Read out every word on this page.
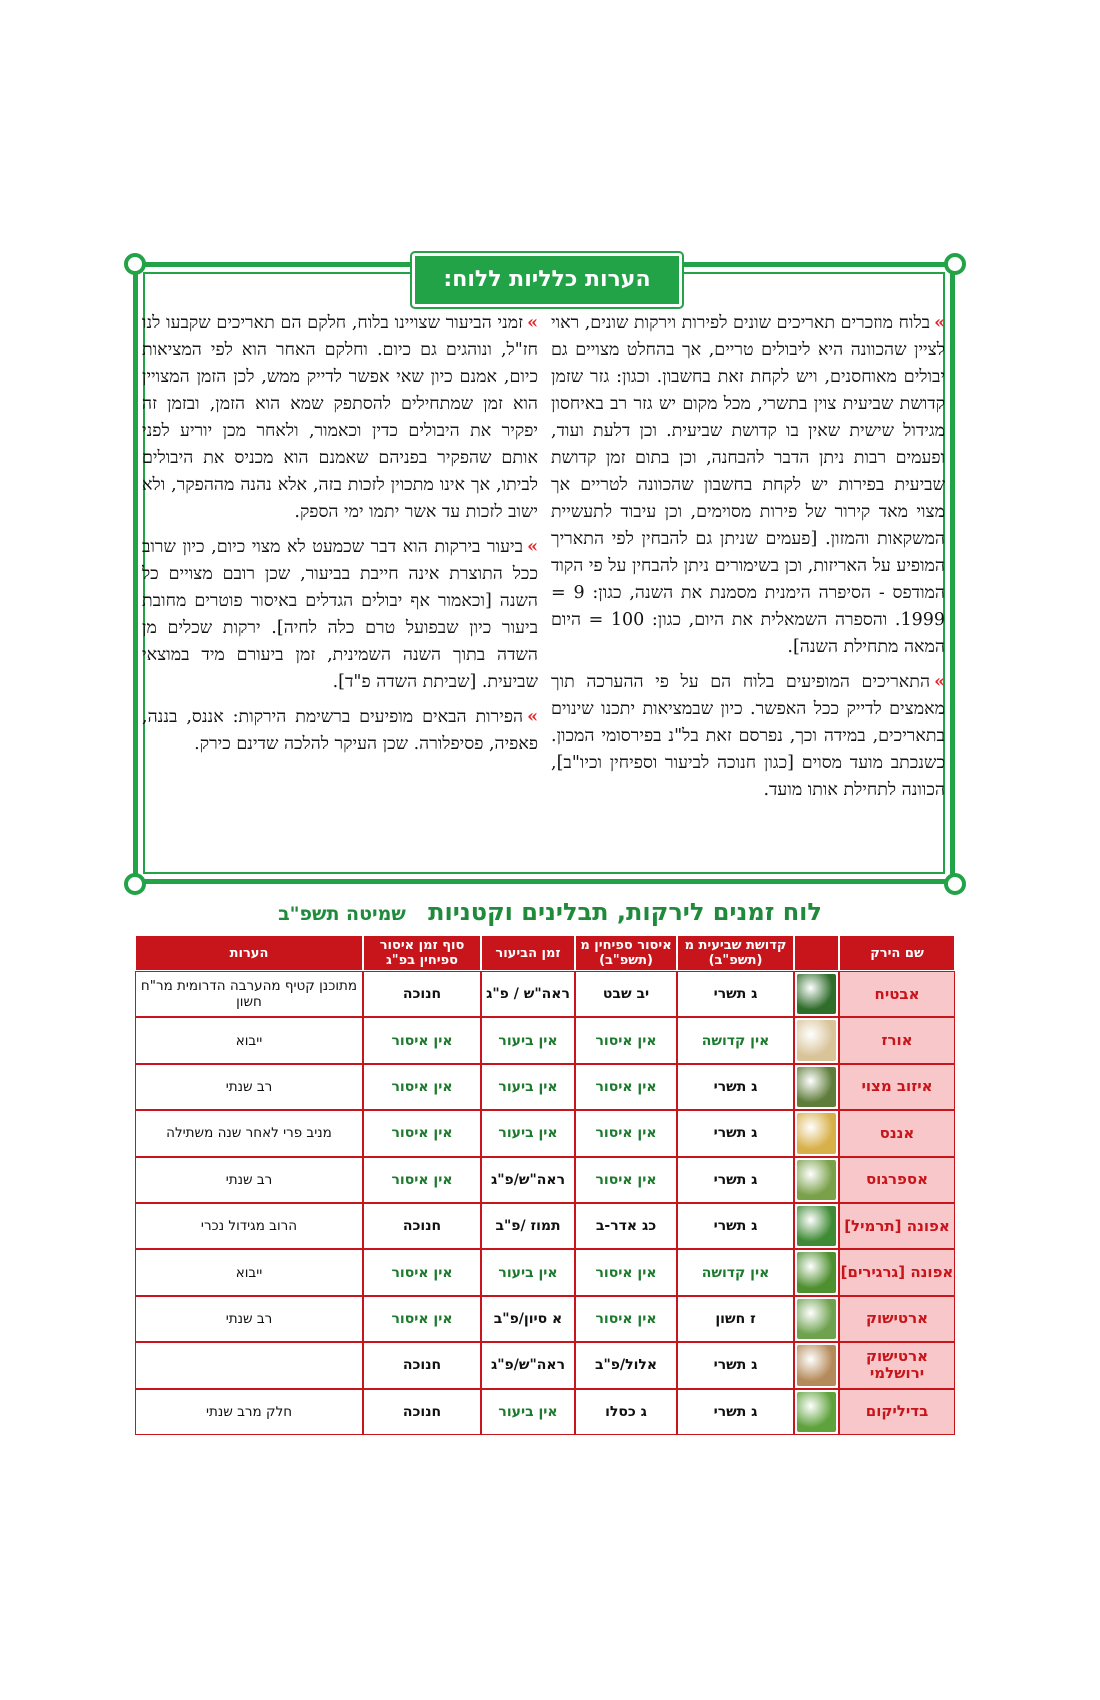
הערות כלליות ללוח:

»בלוח מוזכרים תאריכים שונים לפירות וירקות שונים, ראוי לציין שהכוונה היא ליבולים טריים, אך בהחלט מצויים גם יבולים מאוחסנים, ויש לקחת זאת בחשבון. וכגון: גזר שזמן קדושת שביעית צוין בתשרי, מכל מקום יש גזר רב באיחסון מגידול שישית שאין בו קדושת שביעית. וכן דלעת ועוד, ופעמים רבות ניתן הדבר להבחנה, וכן בתום זמן קדושת שביעית בפירות יש לקחת בחשבון שהכוונה לטריים אך מצוי מאד קירור של פירות מסוימים, וכן עיבוד לתעשיית המשקאות והמזון. [פעמים שניתן גם להבחין לפי התאריך המופיע על האריזות, וכן בשימורים ניתן להבחין על פי הקוד המודפס - הסיפרה הימנית מסמנת את השנה, כגון: 9 = 1999. והספרה השמאלית את היום, כגון: 100 = היום המאה מתחילת השנה].

»התאריכים המופיעים בלוח הם על פי ההערכה תוך מאמצים לדייק ככל האפשר. כיון שבמציאות יתכנו שינוים בתאריכים, במידה וכך, נפרסם זאת בל"נ בפירסומי המכון. כשנכתב מועד מסוים [כגון חנוכה לביעור וספיחין וכיו"ב], הכוונה לתחילת אותו מועד.

»זמני הביעור שצויינו בלוח, חלקם הם תאריכים שקבעו לנו חז"ל, ונוהגים גם כיום. וחלקם האחר הוא לפי המציאות כיום, אמנם כיון שאי אפשר לדייק ממש, לכן הזמן המצויין הוא זמן שמתחילים להסתפק שמא הוא הזמן, ובזמן זה יפקיר את היבולים כדין וכאמור, ולאחר מכן יוריע לפני אותם שהפקיר בפניהם שאמנם הוא מכניס את היבולים לביתו, אך אינו מתכוין לזכות בזה, אלא נהנה מההפקר, ולא ישוב לזכות עד אשר יתמו ימי הספק.

»ביעור בירקות הוא דבר שכמעט לא מצוי כיום, כיון שרוב ככל התוצרת אינה חייבת בביעור, שכן רובם מצויים כל השנה [וכאמור אף יבולים הגדלים באיסור פוטרים מחובת ביעור כיון שבפועל טרם כלה לחיה]. ירקות שכלים מן השדה בתוך השנה השמינית, זמן ביעורם מיד במוצאי שביעית. [שביתת השדה פ"ד].

»הפירות הבאים מופיעים ברשימת הירקות: אננס, בננה, פאפיה, פסיפלורה. שכן העיקר להלכה שדינם כירק.

לוח זמנים לירקות, תבלינים וקטניות שמיטה תשפ"ב
שם הירק
קדושת שביעית מ (תשפ"ב)
איסור ספיחין מ (תשפ"ב)
זמן הביעור
סוף זמן איסור ספיחין בפ"ג
הערות
אבטיח
ג תשרי
יב שבט
ראה"ש / פ"ג
חנוכה
מתוכנן קטיף מהערבה הדרומית מר"ח חשון
אורז
אין קדושה
אין איסור
אין ביעור
אין איסור
ייבוא
איזוב מצוי
ג תשרי
אין איסור
אין ביעור
אין איסור
רב שנתי
אננס
ג תשרי
אין איסור
אין ביעור
אין איסור
מניב פרי לאחר שנה משתילה
אספרגוס
ג תשרי
אין איסור
ראה"ש/פ"ג
אין איסור
רב שנתי
אפונה [תרמיל]
ג תשרי
כג אדר-ב
תמוז /פ"ב
חנוכה
הרוב מגידול נכרי
אפונה [גרגירים]
אין קדושה
אין איסור
אין ביעור
אין איסור
ייבוא
ארטישוק
ז חשון
אין איסור
א סיון/פ"ב
אין איסור
רב שנתי
ארטישוק ירושלמי
ג תשרי
אלול/פ"ב
ראה"ש/פ"ג
חנוכה
בדיליקום
ג תשרי
ג כסלו
אין ביעור
חנוכה
חלק מרב שנתי
